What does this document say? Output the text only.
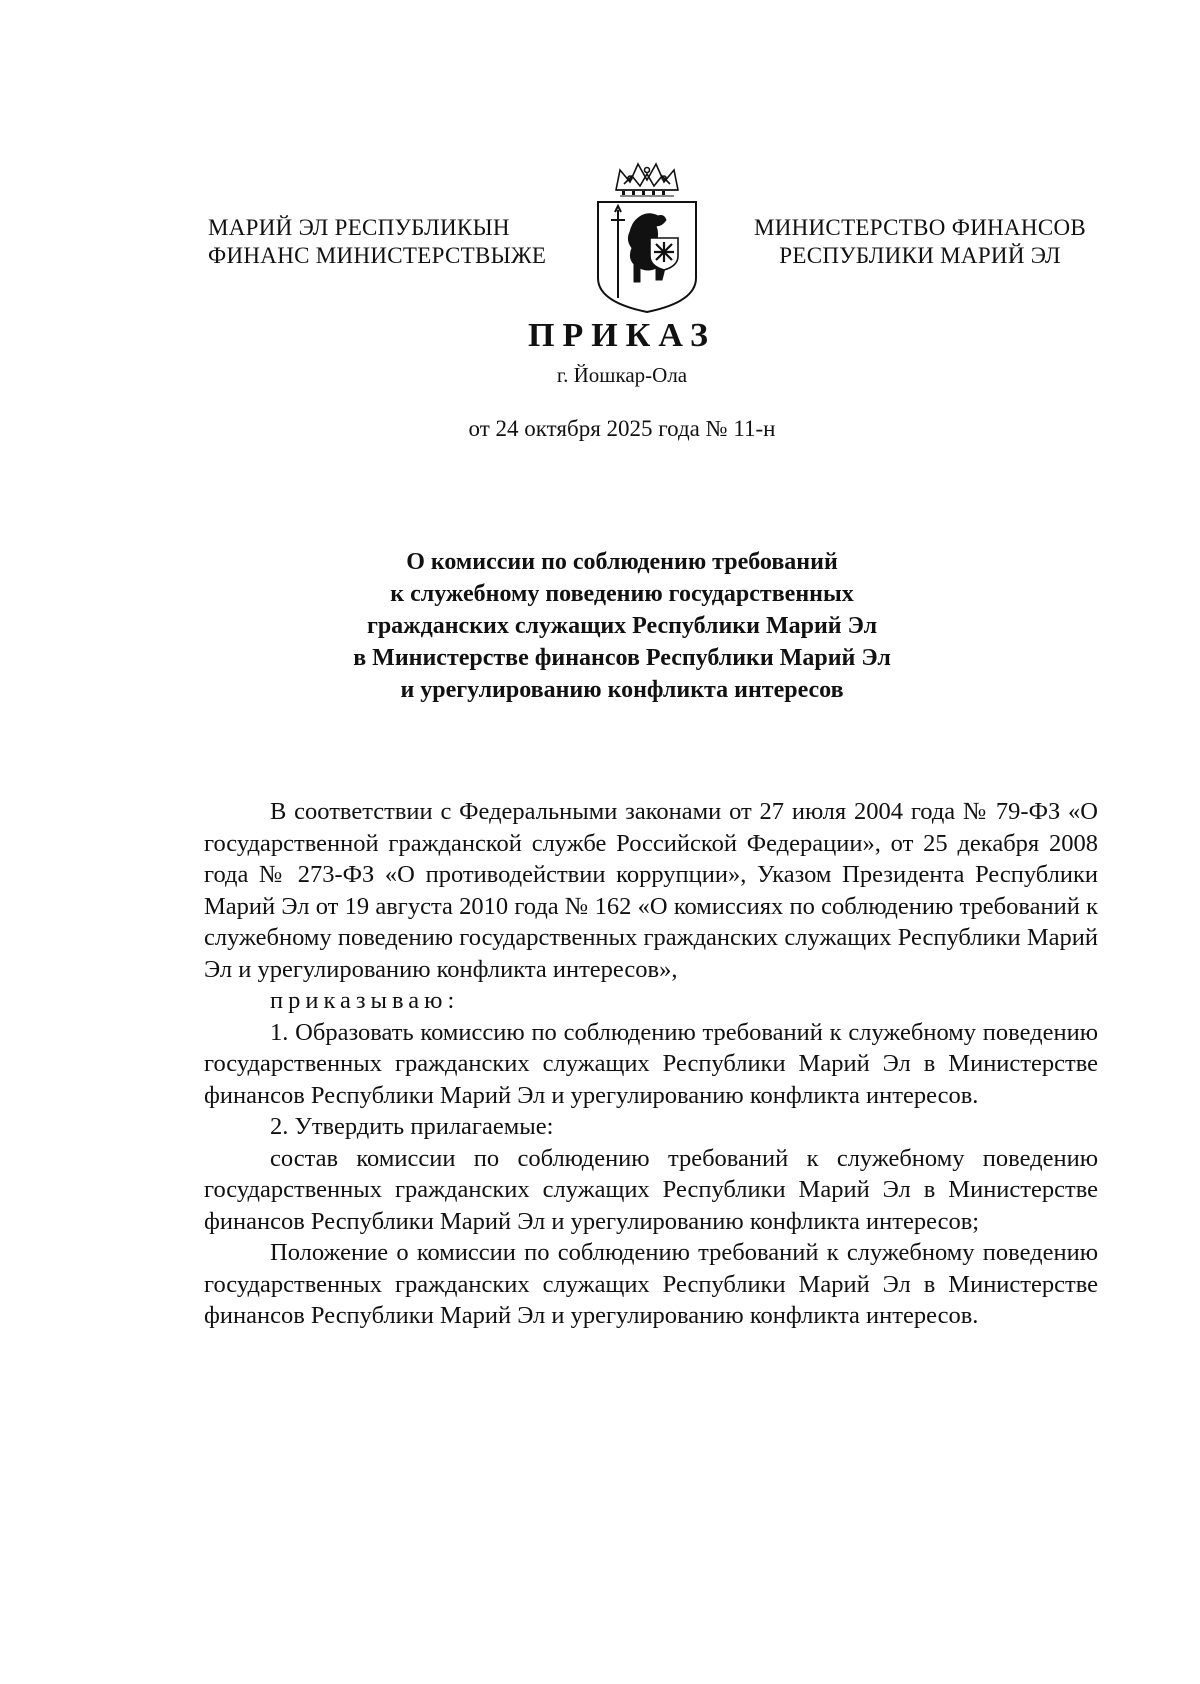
МАРИЙ ЭЛ РЕСПУБЛИКЫН
ФИНАНС МИНИСТЕРСТВЫЖЕ
МИНИСТЕРСТВО ФИНАНСОВ
РЕСПУБЛИКИ МАРИЙ ЭЛ
ПРИКАЗ
г. Йошкар-Ола
от 24 октября 2025 года № 11-н
О комиссии по соблюдению требований
к служебному поведению государственных
гражданских служащих Республики Марий Эл
в Министерстве финансов Республики Марий Эл
и урегулированию конфликта интересов

В соответствии с Федеральными законами от 27 июля 2004 года № 79-ФЗ «О государственной гражданской службе Российской Федерации», от 25 декабря 2008 года № 273-ФЗ «О противодействии коррупции», Указом Президента Республики Марий Эл от 19 августа 2010 года № 162 «О комиссиях по соблюдению требований к служебному поведению государственных гражданских служащих Республики Марий Эл и урегулированию конфликта интересов»,

приказываю:

1. Образовать комиссию по соблюдению требований к служебному поведению государственных гражданских служащих Республики Марий Эл в Министерстве финансов Республики Марий Эл и урегулированию конфликта интересов.

2. Утвердить прилагаемые:

состав комиссии по соблюдению требований к служебному поведению государственных гражданских служащих Республики Марий Эл в Министерстве финансов Республики Марий Эл и урегулированию конфликта интересов;

Положение о комиссии по соблюдению требований к служебному поведению государственных гражданских служащих Республики Марий Эл в Министерстве финансов Республики Марий Эл и урегулированию конфликта интересов.
